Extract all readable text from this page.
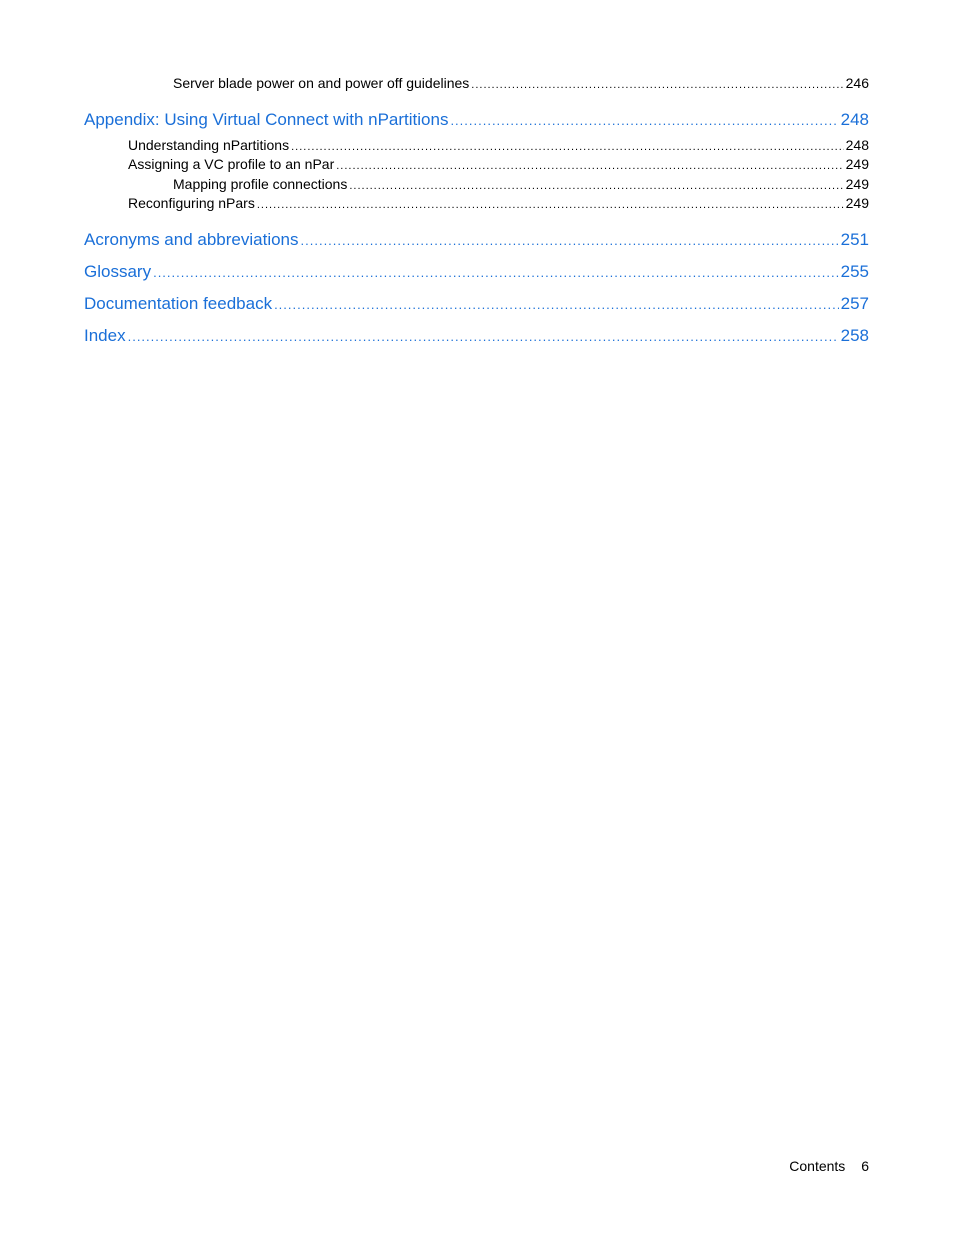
Server blade power on and power off guidelines .....	246
Appendix: Using Virtual Connect with nPartitions .....	248
Understanding nPartitions .....	248
Assigning a VC profile to an nPar .....	249
Mapping profile connections .....	249
Reconfiguring nPars .....	249
Acronyms and abbreviations .....	251
Glossary .....	255
Documentation feedback .....	257
Index .....	258
Contents 6
